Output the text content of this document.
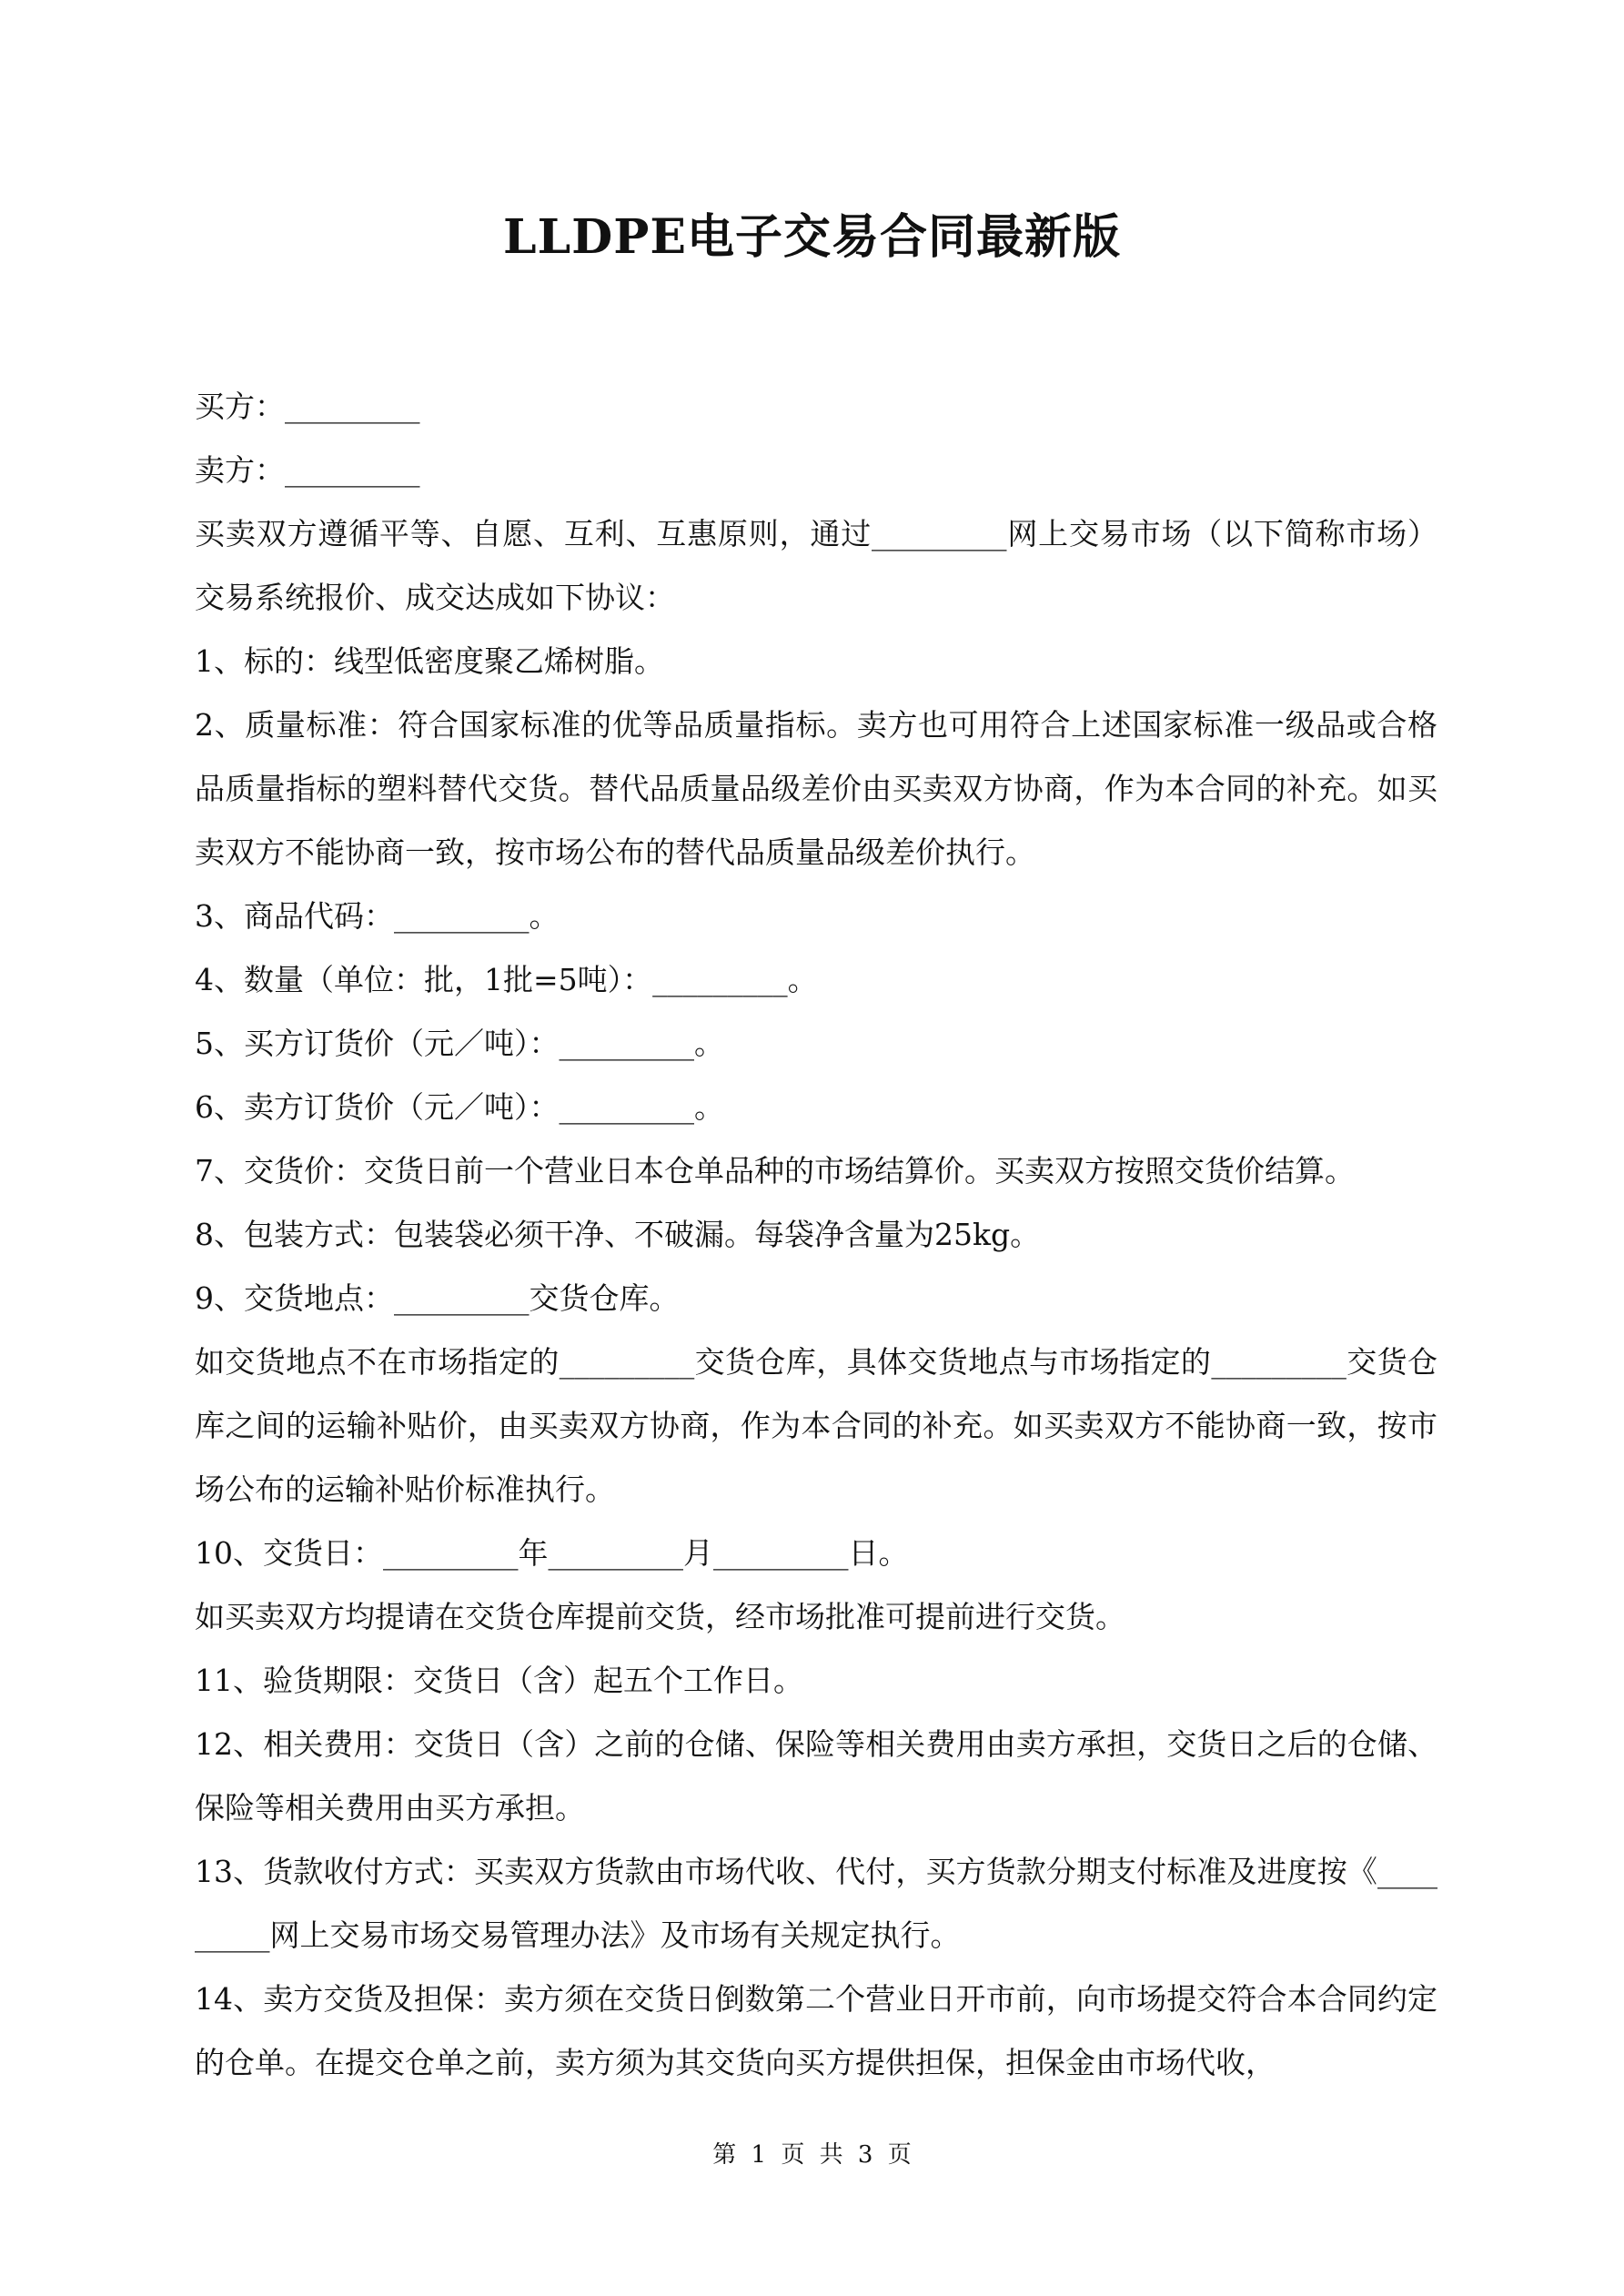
LLDPE电子交易合同最新版

买方：_________

卖方：_________

买卖双方遵循平等、自愿、互利、互惠原则，通过_________网上交易市场（以下简称市场）交易系统报价、成交达成如下协议：

1、标的：线型低密度聚乙烯树脂。

2、质量标准：符合国家标准的优等品质量指标。卖方也可用符合上述国家标准一级品或合格品质量指标的塑料替代交货。替代品质量品级差价由买卖双方协商，作为本合同的补充。如买卖双方不能协商一致，按市场公布的替代品质量品级差价执行。

3、商品代码：_________。

4、数量（单位：批，1批=5吨）：_________。

5、买方订货价（元／吨）：_________。

6、卖方订货价（元／吨）：_________。

7、交货价：交货日前一个营业日本仓单品种的市场结算价。买卖双方按照交货价结算。

8、包装方式：包装袋必须干净、不破漏。每袋净含量为25kg。

9、交货地点：_________交货仓库。

如交货地点不在市场指定的_________交货仓库，具体交货地点与市场指定的_________交货仓库之间的运输补贴价，由买卖双方协商，作为本合同的补充。如买卖双方不能协商一致，按市场公布的运输补贴价标准执行。

10、交货日：_________年_________月_________日。

如买卖双方均提请在交货仓库提前交货，经市场批准可提前进行交货。

11、验货期限：交货日（含）起五个工作日。

12、相关费用：交货日（含）之前的仓储、保险等相关费用由卖方承担，交货日之后的仓储、保险等相关费用由买方承担。

13、货款收付方式：买卖双方货款由市场代收、代付，买方货款分期支付标准及进度按《_________网上交易市场交易管理办法》及市场有关规定执行。

14、卖方交货及担保：卖方须在交货日倒数第二个营业日开市前，向市场提交符合本合同约定的仓单。在提交仓单之前，卖方须为其交货向买方提供担保，担保金由市场代收，

第 1 页 共 3 页
